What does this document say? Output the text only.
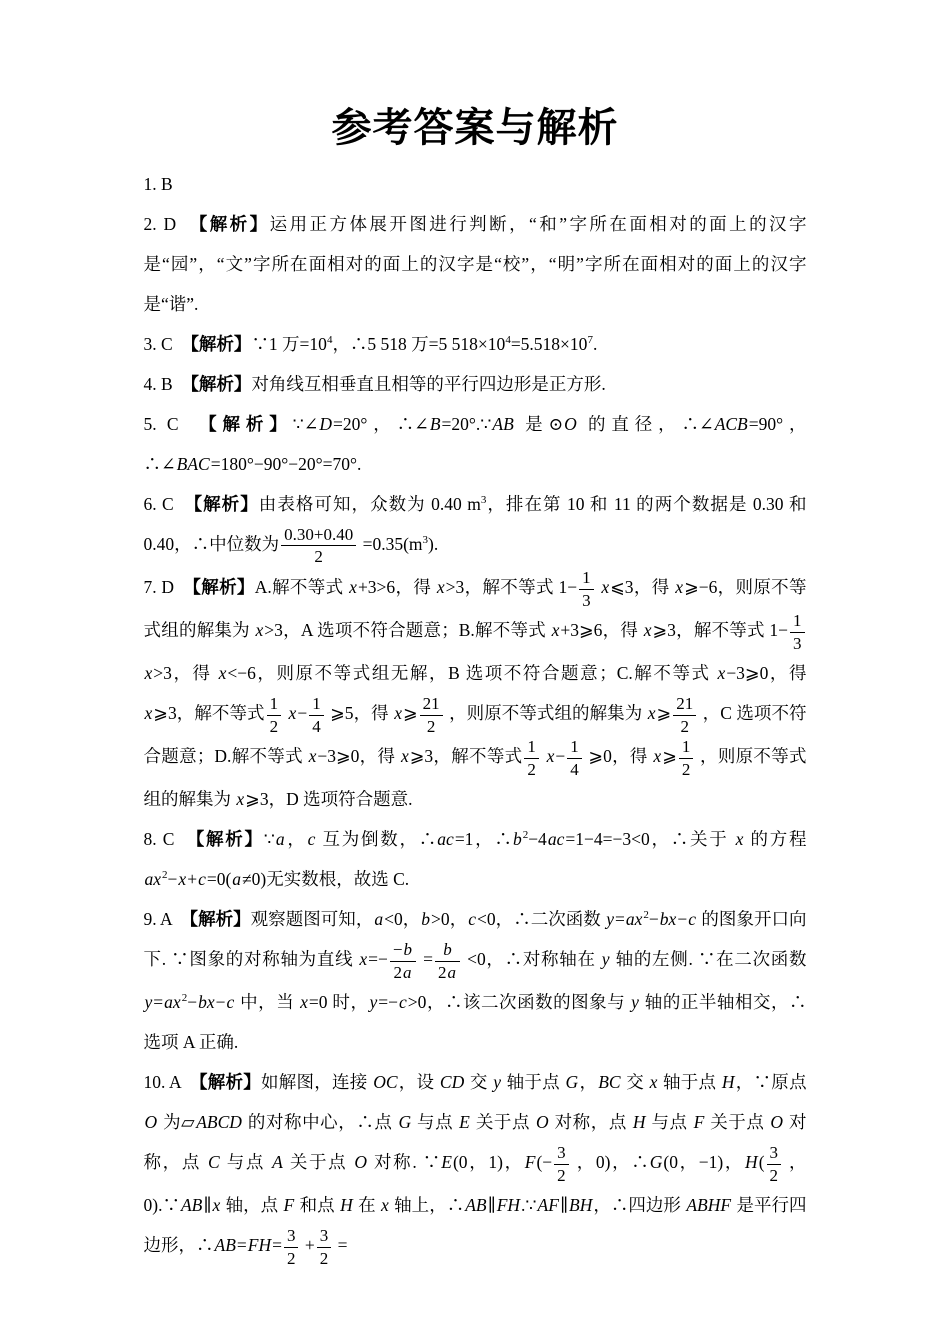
参考答案与解析
1. B
2. D　【解析】运用正方体展开图进行判断，“和”字所在面相对的面上的汉字是“园”，“文”字所在面相对的面上的汉字是“校”，“明”字所在面相对的面上的汉字是“谐”.
3. C　【解析】∵1 万$=10^4$，∴5 518 万=5 $518\times 10^4=5.518\times 10^7$.
4. B　【解析】对角线互相垂直且相等的平行四边形是正方形.
5. C　【解析】∵∠D=20°，∴∠B=20°.∵AB 是⊙O 的直径，∴∠ACB=90°，∴∠BAC=180°−90°−20°=70°.
6. C　【解析】由表格可知，众数为 0.40 $m^3$，排在第 10 和 11 的两个数据是 0.30 和 0.40，∴中位数为 $\frac{0.30+0.40}{2} =0.35(m^3)$.
7. D　【解析】A.解不等式 x+3>6，得 x>3，解不等式 $1- \frac{1}{3}$ x⩽3，得 x⩾−6，则原不等式组的解集为 x>3，A 选项不符合题意；B.解不等式 x+3⩾6，得 x⩾3，解不等式 $1- \frac{1}{3}$
x>3，得 x<−6，则原不等式组无解，B 选项不符合题意；C.解不等式 x−3⩾0，得 x⩾3，解不等式 $\frac{1}{2} x- \frac{1}{4}$ ⩾5，得 x⩾ $\frac{21}{2}$ ，则原不等式组的解集为 x⩾ $\frac{21}{2}$ ，C 选项不符合题意；D.解不等式 x−3⩾0，得 x⩾3，解不等式 $\frac{1}{2} x- \frac{1}{4}$ ⩾0，得 x⩾ $\frac{1}{2}$ ，则原不等式组的解集为 x⩾3，D 选项符合题意.
8. C　【解析】∵a，c 互为倒数，∴ac=1，$\therefore b^2-4ac=1-4=-3<0$，∴关于 x 的方程 $ax^2-x+c=0(a\ne 0)$无实数根，故选 C.
9. A　【解析】观察题图可知，a<0，b>0，c<0，∴二次函数 $y=ax^2-bx-c$ 的图象开口向下. ∵图象的对称轴为直线 $x=- \frac{-b}{2a} = \frac{b}{2a} <0$，∴对称轴在 y 轴的左侧. ∵在二次函数 $y=ax^2-bx-c$ 中，当 x=0 时，y=−c>0，∴该二次函数的图象与 y 轴的正半轴相交，∴选项 A 正确.
10. A　【解析】如解图，连接 OC，设 CD 交 y 轴于点 G，BC 交 x 轴于点 H，∵原点 O 为▱ABCD 的对称中心，∴点 G 与点 E 关于点 O 对称，点 H 与点 F 关于点 O 对称，点 C 与点 A 关于点 O 对称. ∵E(0，1)，$F(- \frac{3}{2}$ ，0)，∴G(0，−1)，$H( \frac{3}{2}$ ，0).∵AB∥x 轴，点 F 和点 H 在 x 轴上，∴AB∥FH.∵AF∥BH，∴四边形 ABHF 是平行四边形，∴AB=FH= $\frac{3}{2} + \frac{3}{2}$ =
